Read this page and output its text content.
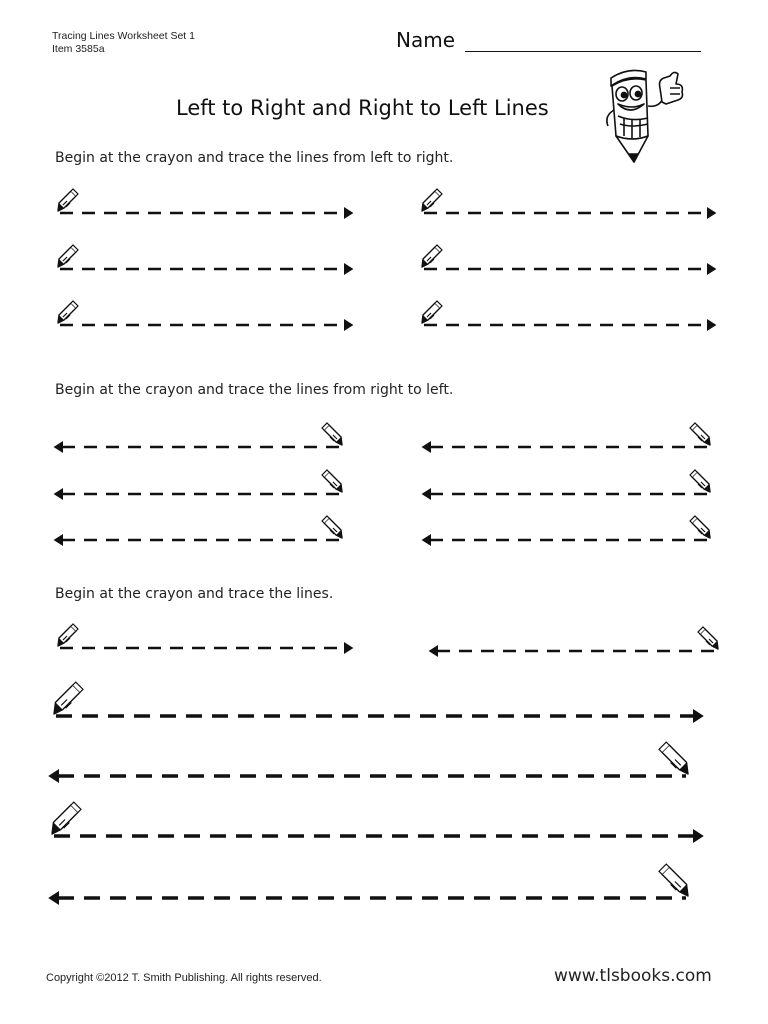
Tracing Lines Worksheet Set 1
Item 3585a	Name
Left to Right and Right to Left Lines
Begin at the crayon and trace the lines from left to right.
Begin at the crayon and trace the lines from right to left.
Begin at the crayon and trace the lines.
Copyright ©2012 T. Smith Publishing. All rights reserved.	www.tlsbooks.com
